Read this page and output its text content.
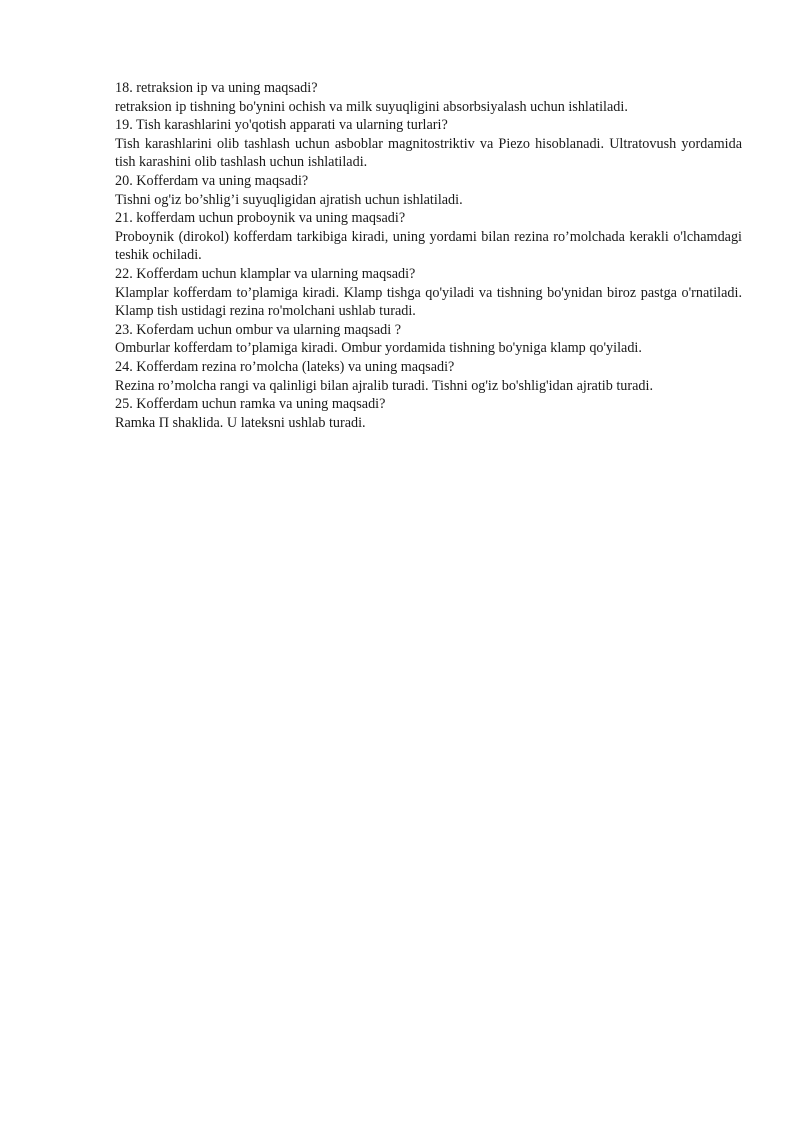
18. retraksion ip va uning maqsadi?

retraksion ip tishning bo'ynini ochish va milk suyuqligini absorbsiyalash uchun ishlatiladi.

19. Tish karashlarini yo'qotish apparati va ularning turlari?

Tish karashlarini olib tashlash uchun asboblar magnitostriktiv va Piezo hisoblanadi. Ultratovush yordamida tish karashini olib tashlash uchun ishlatiladi.

20. Kofferdam va uning maqsadi?

Tishni og'iz bo’shlig’i suyuqligidan ajratish uchun ishlatiladi.

21. kofferdam uchun proboynik va uning maqsadi?

Proboynik (dirokol) kofferdam tarkibiga kiradi, uning yordami bilan rezina ro’molchada kerakli o'lchamdagi teshik ochiladi.

22. Kofferdam uchun klamplar va ularning maqsadi?

Klamplar kofferdam to’plamiga kiradi. Klamp tishga qo'yiladi va tishning bo'ynidan biroz pastga o'rnatiladi. Klamp tish ustidagi rezina ro'molchani ushlab turadi.

23. Koferdam uchun ombur va ularning maqsadi ?

Omburlar kofferdam to’plamiga kiradi. Ombur yordamida tishning bo'yniga klamp qo'yiladi.

24. Kofferdam rezina ro’molcha (lateks) va uning maqsadi?

Rezina ro’molcha rangi va qalinligi bilan ajralib turadi. Tishni og'iz bo'shlig'idan ajratib turadi.

25. Kofferdam uchun ramka va uning maqsadi?

Ramka Π shaklida. U lateksni ushlab turadi.
